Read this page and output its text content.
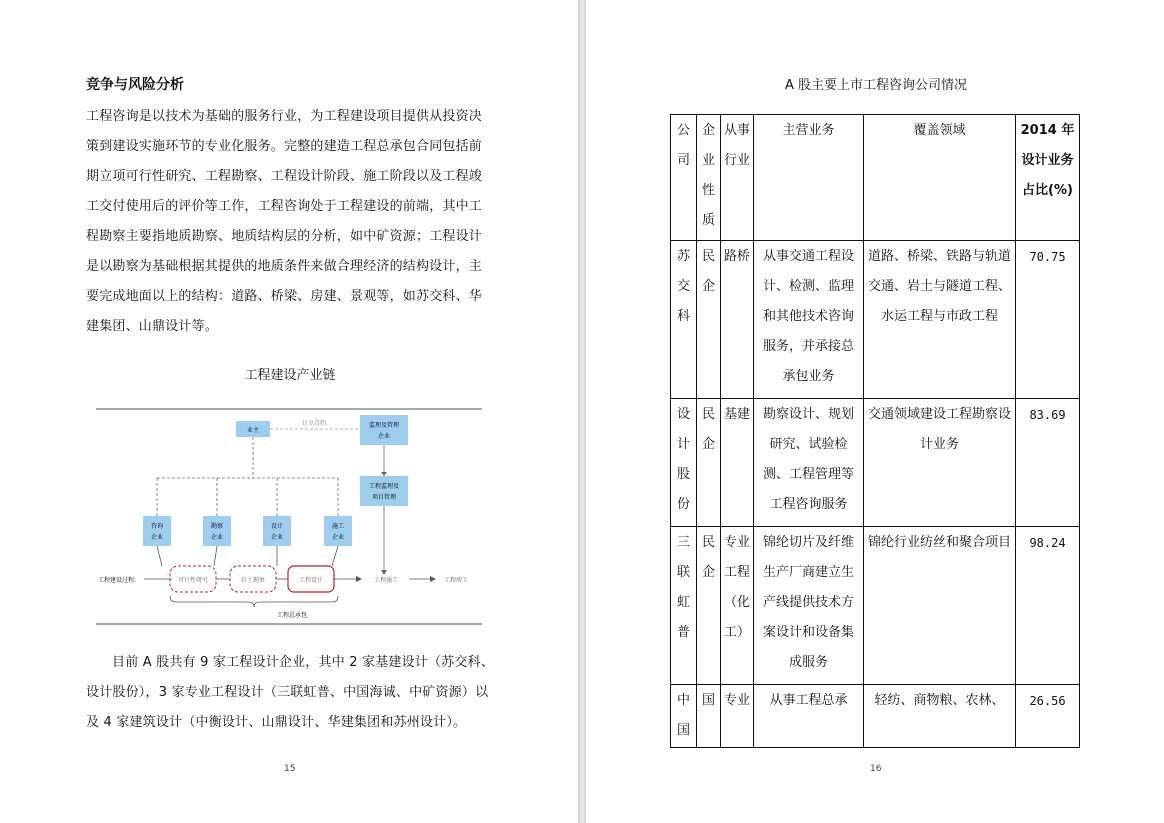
竞争与风险分析

工程咨询是以技术为基础的服务行业，为工程建设项目提供从投资决策到建设实施环节的专业化服务。完整的建造工程总承包合同包括前期立项可行性研究、工程勘察、工程设计阶段、施工阶段以及工程竣工交付使用后的评价等工作，工程咨询处于工程建设的前端，其中工程勘察主要指地质勘察、地质结构层的分析，如中矿资源；工程设计是以勘察为基础根据其提供的地质条件来做合理经济的结构设计，主要完成地面以上的结构：道路、桥梁、房建、景观等，如苏交科、华建集团、山鼎设计等。

工程建设产业链
业主
订立合约	监理及管理
企业
工程监理及
项目管理
咨询
企业
勘察
企业
设计
企业
施工
企业
工程建设过程:	可行性研究	岩土勘察	工程设计	工程施工	工程竣工
工程总承包

目前 A 股共有 9 家工程设计企业，其中 2 家基建设计（苏交科、设计股份），3 家专业工程设计（三联虹普、中国海诚、中矿资源）以及 4 家建筑设计（中衡设计、山鼎设计、华建集团和苏州设计）。

15
A 股主要上市工程咨询公司情况
公司	企业性质	从事行业	主营业务	覆盖领域	2014 年设计业务占比(%)
苏交科	民企	路桥	从事交通工程设计、检测、监理和其他技术咨询服务，并承接总承包业务	道路、桥梁、铁路与轨道交通、岩土与隧道工程、水运工程与市政工程	70.75
设计股份	民企	基建	勘察设计、规划研究、试验检测、工程管理等工程咨询服务	交通领域建设工程勘察设计业务	83.69
三联虹普	民企	专业工程（化工）	锦纶切片及纤维生产厂商建立生产线提供技术方案设计和设备集成服务	锦纶行业纺丝和聚合项目	98.24
中国	国	专业	从事工程总承	轻纺、商物粮、农林、	26.56
16
